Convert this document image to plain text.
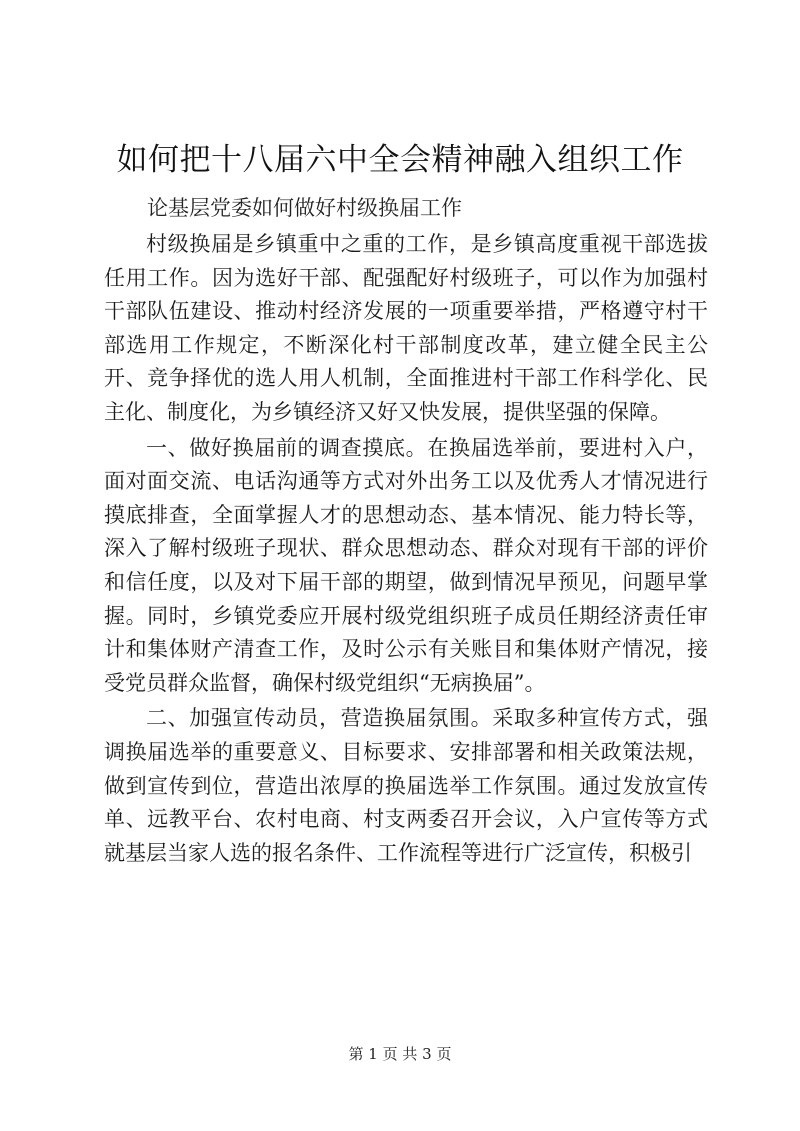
如何把十八届六中全会精神融入组织工作
论基层党委如何做好村级换届工作

村级换届是乡镇重中之重的工作，是乡镇高度重视干部选拔任用工作。因为选好干部、配强配好村级班子，可以作为加强村干部队伍建设、推动村经济发展的一项重要举措，严格遵守村干部选用工作规定，不断深化村干部制度改革，建立健全民主公开、竞争择优的选人用人机制，全面推进村干部工作科学化、民主化、制度化，为乡镇经济又好又快发展，提供坚强的保障。

一、做好换届前的调查摸底。在换届选举前，要进村入户，面对面交流、电话沟通等方式对外出务工以及优秀人才情况进行摸底排查，全面掌握人才的思想动态、基本情况、能力特长等，深入了解村级班子现状、群众思想动态、群众对现有干部的评价和信任度，以及对下届干部的期望，做到情况早预见，问题早掌握。同时，乡镇党委应开展村级党组织班子成员任期经济责任审计和集体财产清查工作，及时公示有关账目和集体财产情况，接受党员群众监督，确保村级党组织“无病换届”。

二、加强宣传动员，营造换届氛围。采取多种宣传方式，强调换届选举的重要意义、目标要求、安排部署和相关政策法规，做到宣传到位，营造出浓厚的换届选举工作氛围。通过发放宣传单、远教平台、农村电商、村支两委召开会议，入户宣传等方式就基层当家人选的报名条件、工作流程等进行广泛宣传，积极引

第 1 页 共 3 页
